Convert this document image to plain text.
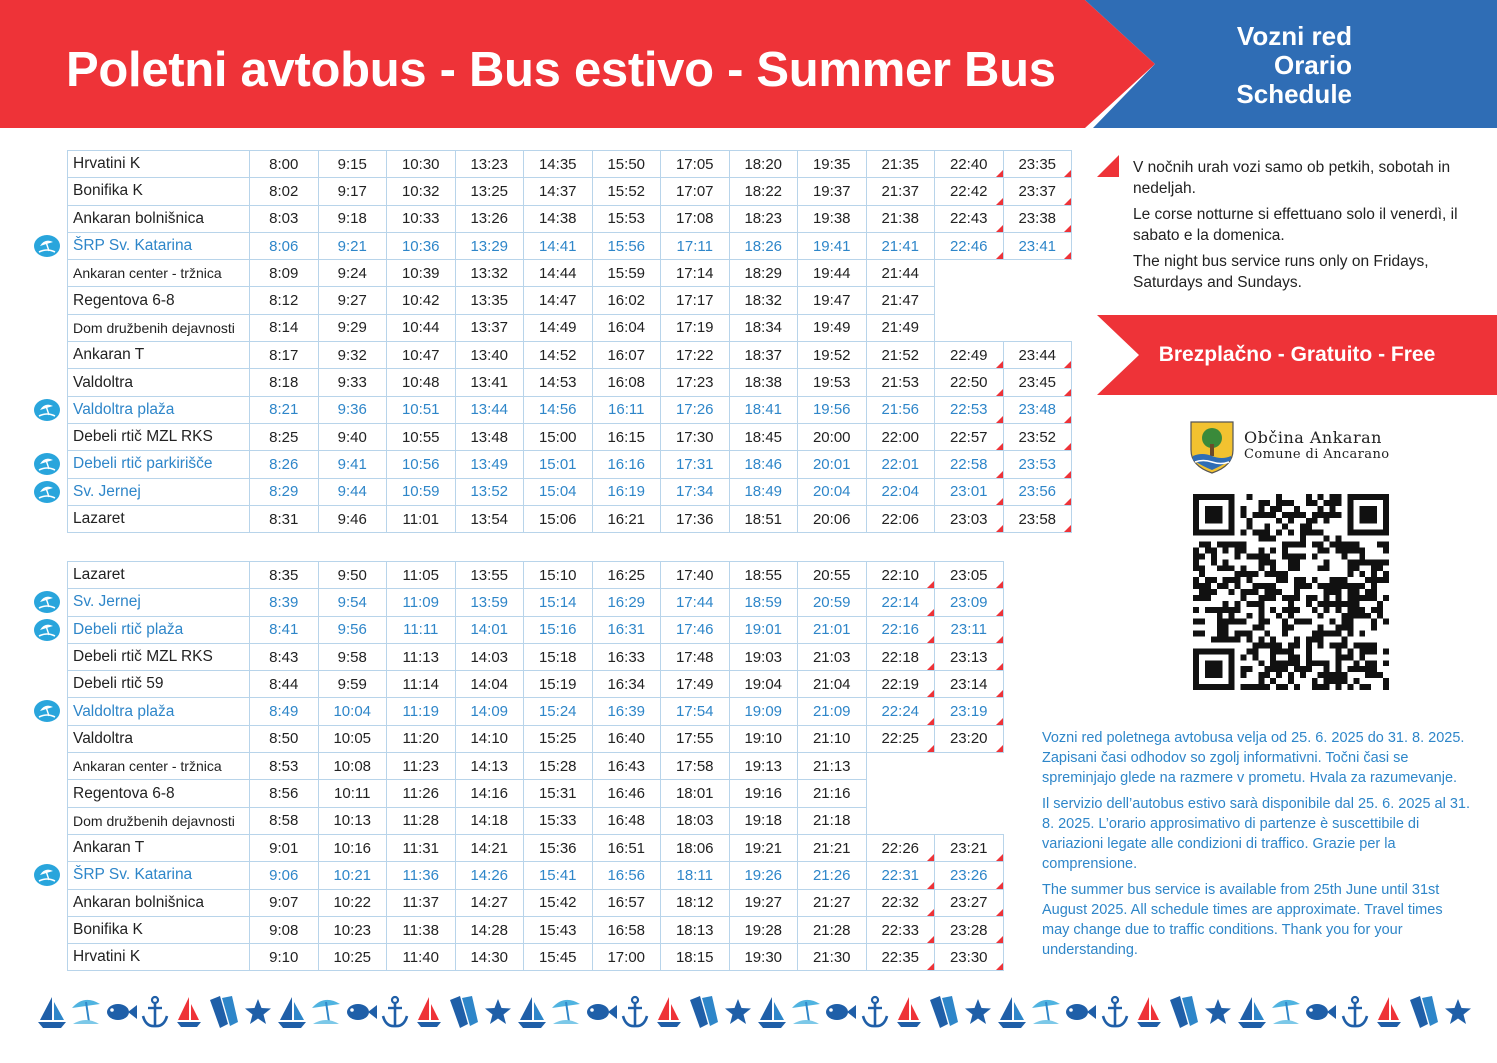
Poletni avtobus - Bus estivo - Summer Bus
Vozni red
Orario
Schedule
Hrvatini K	8:00	9:15	10:30	13:23	14:35	15:50	17:05	18:20	19:35	21:35	22:40	23:35
Bonifika K	8:02	9:17	10:32	13:25	14:37	15:52	17:07	18:22	19:37	21:37	22:42	23:37
Ankaran bolnišnica	8:03	9:18	10:33	13:26	14:38	15:53	17:08	18:23	19:38	21:38	22:43	23:38
ŠRP Sv. Katarina	8:06	9:21	10:36	13:29	14:41	15:56	17:11	18:26	19:41	21:41	22:46	23:41
Ankaran center - tržnica	8:09	9:24	10:39	13:32	14:44	15:59	17:14	18:29	19:44	21:44		
Regentova 6-8	8:12	9:27	10:42	13:35	14:47	16:02	17:17	18:32	19:47	21:47		
Dom družbenih dejavnosti	8:14	9:29	10:44	13:37	14:49	16:04	17:19	18:34	19:49	21:49		
Ankaran T	8:17	9:32	10:47	13:40	14:52	16:07	17:22	18:37	19:52	21:52	22:49	23:44
Valdoltra	8:18	9:33	10:48	13:41	14:53	16:08	17:23	18:38	19:53	21:53	22:50	23:45
Valdoltra plaža	8:21	9:36	10:51	13:44	14:56	16:11	17:26	18:41	19:56	21:56	22:53	23:48
Debeli rtič MZL RKS	8:25	9:40	10:55	13:48	15:00	16:15	17:30	18:45	20:00	22:00	22:57	23:52
Debeli rtič parkirišče	8:26	9:41	10:56	13:49	15:01	16:16	17:31	18:46	20:01	22:01	22:58	23:53
Sv. Jernej	8:29	9:44	10:59	13:52	15:04	16:19	17:34	18:49	20:04	22:04	23:01	23:56
Lazaret	8:31	9:46	11:01	13:54	15:06	16:21	17:36	18:51	20:06	22:06	23:03	23:58
Lazaret	8:35	9:50	11:05	13:55	15:10	16:25	17:40	18:55	20:55	22:10	23:05
Sv. Jernej	8:39	9:54	11:09	13:59	15:14	16:29	17:44	18:59	20:59	22:14	23:09
Debeli rtič plaža	8:41	9:56	11:11	14:01	15:16	16:31	17:46	19:01	21:01	22:16	23:11
Debeli rtič MZL RKS	8:43	9:58	11:13	14:03	15:18	16:33	17:48	19:03	21:03	22:18	23:13
Debeli rtič 59	8:44	9:59	11:14	14:04	15:19	16:34	17:49	19:04	21:04	22:19	23:14
Valdoltra plaža	8:49	10:04	11:19	14:09	15:24	16:39	17:54	19:09	21:09	22:24	23:19
Valdoltra	8:50	10:05	11:20	14:10	15:25	16:40	17:55	19:10	21:10	22:25	23:20
Ankaran center - tržnica	8:53	10:08	11:23	14:13	15:28	16:43	17:58	19:13	21:13		
Regentova 6-8	8:56	10:11	11:26	14:16	15:31	16:46	18:01	19:16	21:16		
Dom družbenih dejavnosti	8:58	10:13	11:28	14:18	15:33	16:48	18:03	19:18	21:18		
Ankaran T	9:01	10:16	11:31	14:21	15:36	16:51	18:06	19:21	21:21	22:26	23:21
ŠRP Sv. Katarina	9:06	10:21	11:36	14:26	15:41	16:56	18:11	19:26	21:26	22:31	23:26
Ankaran bolnišnica	9:07	10:22	11:37	14:27	15:42	16:57	18:12	19:27	21:27	22:32	23:27
Bonifika K	9:08	10:23	11:38	14:28	15:43	16:58	18:13	19:28	21:28	22:33	23:28
Hrvatini K	9:10	10:25	11:40	14:30	15:45	17:00	18:15	19:30	21:30	22:35	23:30

V nočnih urah vozi samo ob petkih, sobotah in nedeljah.

Le corse notturne si effettuano solo il venerdì, il sabato e la domenica.

The night bus service runs only on Fridays, Saturdays and Sundays.

Brezplačno - Gratuito - Free
Občina Ankaran
Comune di Ancarano

Vozni red poletnega avtobusa velja od 25. 6. 2025 do 31. 8. 2025. Zapisani časi odhodov so zgolj informativni. Točni časi se spreminjajo glede na razmere v prometu. Hvala za razumevanje.

Il servizio dell’autobus estivo sarà disponibile dal 25. 6. 2025 al 31. 8. 2025. L’orario approsimativo di partenze è suscettibile di variazioni legate alle condizioni di traffico. Grazie per la comprensione.

The summer bus service is available from 25th June until 31st August 2025. All schedule times are approximate. Travel times may change due to traffic conditions. Thank you for your understanding.
